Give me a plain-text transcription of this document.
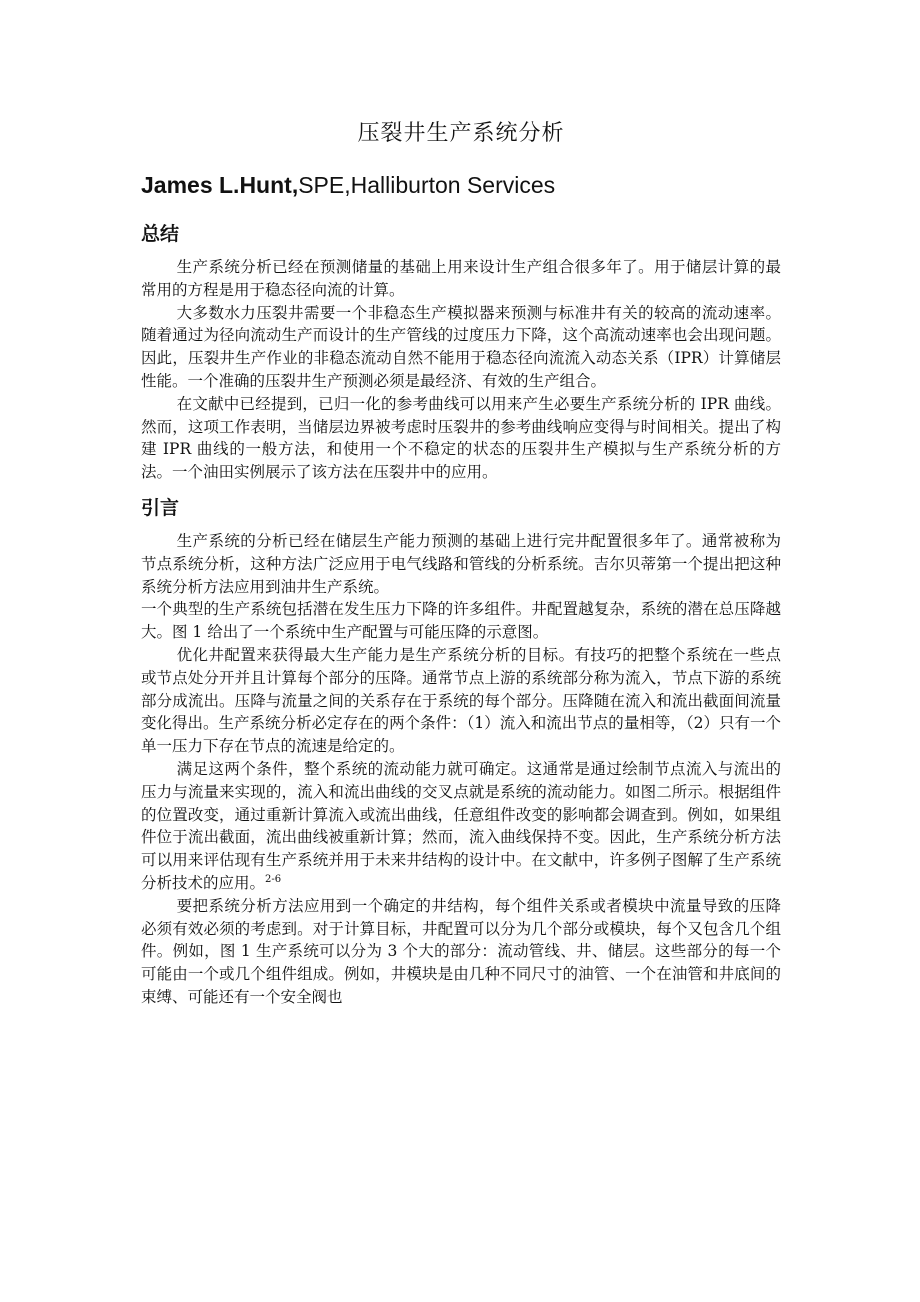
压裂井生产系统分析
James L.Hunt,SPE,Halliburton Services
总结

生产系统分析已经在预测储量的基础上用来设计生产组合很多年了。用于储层计算的最常用的方程是用于稳态径向流的计算。

大多数水力压裂井需要一个非稳态生产模拟器来预测与标准井有关的较高的流动速率。随着通过为径向流动生产而设计的生产管线的过度压力下降，这个高流动速率也会出现问题。因此，压裂井生产作业的非稳态流动自然不能用于稳态径向流流入动态关系（IPR）计算储层性能。一个准确的压裂井生产预测必须是最经济、有效的生产组合。

在文献中已经提到，已归一化的参考曲线可以用来产生必要生产系统分析的 IPR 曲线。然而，这项工作表明，当储层边界被考虑时压裂井的参考曲线响应变得与时间相关。提出了构建 IPR 曲线的一般方法，和使用一个不稳定的状态的压裂井生产模拟与生产系统分析的方法。一个油田实例展示了该方法在压裂井中的应用。

引言

生产系统的分析已经在储层生产能力预测的基础上进行完井配置很多年了。通常被称为节点系统分析，这种方法广泛应用于电气线路和管线的分析系统。吉尔贝蒂第一个提出把这种系统分析方法应用到油井生产系统。

一个典型的生产系统包括潜在发生压力下降的许多组件。井配置越复杂，系统的潜在总压降越大。图 1 给出了一个系统中生产配置与可能压降的示意图。

优化井配置来获得最大生产能力是生产系统分析的目标。有技巧的把整个系统在一些点或节点处分开并且计算每个部分的压降。通常节点上游的系统部分称为流入，节点下游的系统部分成流出。压降与流量之间的关系存在于系统的每个部分。压降随在流入和流出截面间流量变化得出。生产系统分析必定存在的两个条件：（1）流入和流出节点的量相等，（2）只有一个单一压力下存在节点的流速是给定的。

满足这两个条件，整个系统的流动能力就可确定。这通常是通过绘制节点流入与流出的压力与流量来实现的，流入和流出曲线的交叉点就是系统的流动能力。如图二所示。根据组件的位置改变，通过重新计算流入或流出曲线，任意组件改变的影响都会调查到。例如，如果组件位于流出截面，流出曲线被重新计算；然而，流入曲线保持不变。因此，生产系统分析方法可以用来评估现有生产系统并用于未来井结构的设计中。在文献中，许多例子图解了生产系统分析技术的应用。$^{2-6}$

要把系统分析方法应用到一个确定的井结构，每个组件关系或者模块中流量导致的压降必须有效必须的考虑到。对于计算目标，井配置可以分为几个部分或模块，每个又包含几个组件。例如，图 1 生产系统可以分为 3 个大的部分：流动管线、井、储层。这些部分的每一个可能由一个或几个组件组成。例如，井模块是由几种不同尺寸的油管、一个在油管和井底间的束缚、可能还有一个安全阀也
